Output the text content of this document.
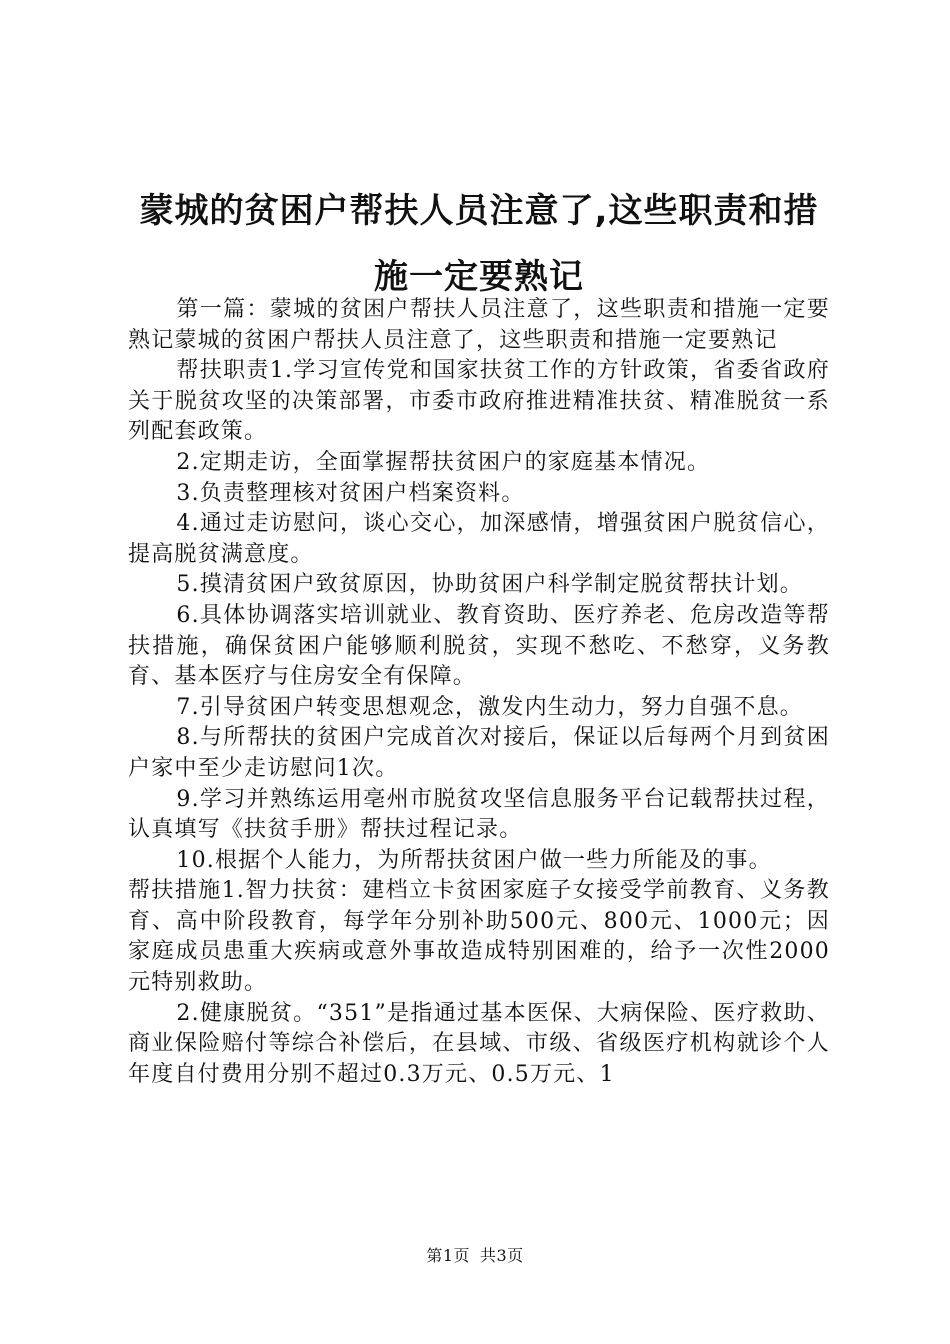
蒙城的贫困户帮扶人员注意了,这些职责和措施一定要熟记

第一篇：蒙城的贫困户帮扶人员注意了，这些职责和措施一定要熟记蒙城的贫困户帮扶人员注意了，这些职责和措施一定要熟记

帮扶职责1.学习宣传党和国家扶贫工作的方针政策，省委省政府关于脱贫攻坚的决策部署，市委市政府推进精准扶贫、精准脱贫一系列配套政策。

2.定期走访，全面掌握帮扶贫困户的家庭基本情况。

3.负责整理核对贫困户档案资料。

4.通过走访慰问，谈心交心，加深感情，增强贫困户脱贫信心，提高脱贫满意度。

5.摸清贫困户致贫原因，协助贫困户科学制定脱贫帮扶计划。

6.具体协调落实培训就业、教育资助、医疗养老、危房改造等帮扶措施，确保贫困户能够顺利脱贫，实现不愁吃、不愁穿，义务教育、基本医疗与住房安全有保障。

7.引导贫困户转变思想观念，激发内生动力，努力自强不息。

8.与所帮扶的贫困户完成首次对接后，保证以后每两个月到贫困户家中至少走访慰问1次。

9.学习并熟练运用亳州市脱贫攻坚信息服务平台记载帮扶过程，认真填写《扶贫手册》帮扶过程记录。

10.根据个人能力，为所帮扶贫困户做一些力所能及的事。

帮扶措施1.智力扶贫：建档立卡贫困家庭子女接受学前教育、义务教育、高中阶段教育，每学年分别补助500元、800元、1000元；因家庭成员患重大疾病或意外事故造成特别困难的，给予一次性2000元特别救助。

2.健康脱贫。“351”是指通过基本医保、大病保险、医疗救助、商业保险赔付等综合补偿后，在县域、市级、省级医疗机构就诊个人年度自付费用分别不超过0.3万元、0.5万元、1

第1页 共3页
